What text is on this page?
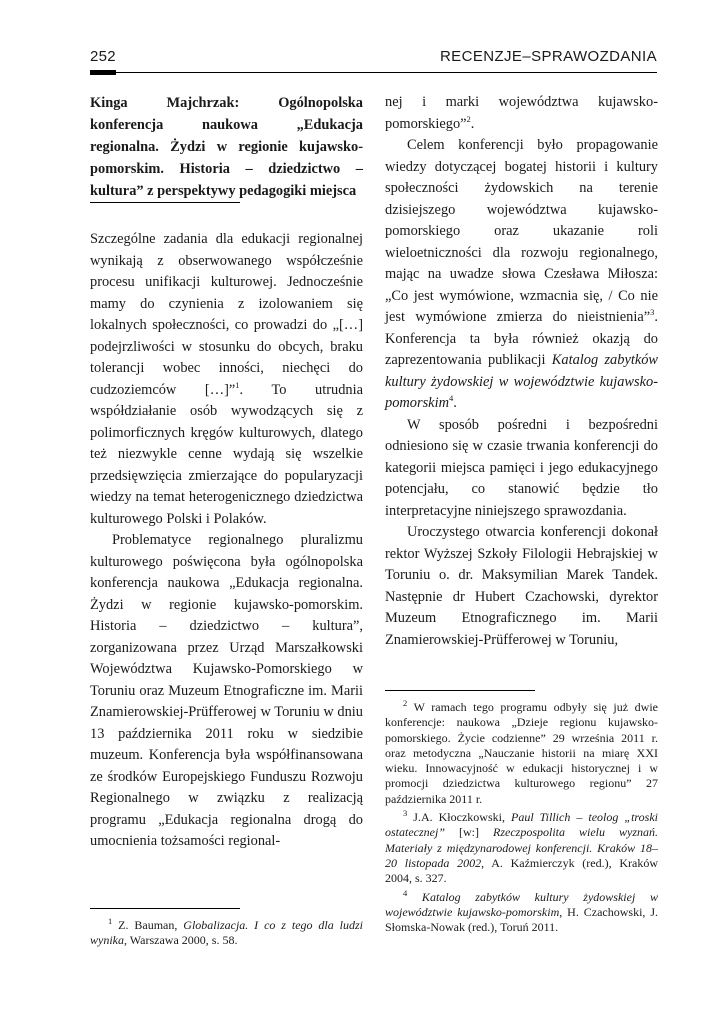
252	RECENZJE–SPRAWOZDANIA

Kinga Majchrzak: Ogólnopolska konferencja naukowa „Edukacja regionalna. Żydzi w regionie kujawsko-pomorskim. Historia – dziedzictwo – kultura” z perspektywy pedagogiki miejsca

Szczególne zadania dla edukacji regionalnej wynikają z obserwowanego współcześnie procesu unifikacji kulturowej. Jednocześnie mamy do czynienia z izolowaniem się lokalnych społeczności, co prowadzi do „[…] podejrzliwości w stosunku do obcych, braku tolerancji wobec inności, niechęci do cudzoziemców […]”$^1$. To utrudnia współdziałanie osób wywodzących się z polimorficznych kręgów kulturowych, dlatego też niezwykle cenne wydają się wszelkie przedsięwzięcia zmierzające do popularyzacji wiedzy na temat heterogenicznego dziedzictwa kulturowego Polski i Polaków.

Problematyce regionalnego pluralizmu kulturowego poświęcona była ogólnopolska konferencja naukowa „Edukacja regionalna. Żydzi w regionie kujawsko-pomorskim. Historia – dziedzictwo – kultura”, zorganizowana przez Urząd Marszałkowski Województwa Kujawsko-Pomorskiego w Toruniu oraz Muzeum Etnograficzne im. Marii Znamierowskiej-Prüfferowej w Toruniu w dniu 13 października 2011 roku w siedzibie muzeum. Konferencja była współfinansowana ze środków Europejskiego Funduszu Rozwoju Regionalnego w związku z realizacją programu „Edukacja regionalna drogą do umocnienia tożsamości regional-

nej i marki województwa kujawsko-pomorskiego”$^2$.

Celem konferencji było propagowanie wiedzy dotyczącej bogatej historii i kultury społeczności żydowskich na terenie dzisiejszego województwa kujawsko-pomorskiego oraz ukazanie roli wieloetniczności dla rozwoju regionalnego, mając na uwadze słowa Czesława Miłosza: „Co jest wymówione, wzmacnia się, / Co nie jest wymówione zmierza do nieistnienia”$^3$. Konferencja ta była również okazją do zaprezentowania publikacji Katalog zabytków kultury żydowskiej w województwie kujawsko-pomorskim$^4$.

W sposób pośredni i bezpośredni odniesiono się w czasie trwania konferencji do kategorii miejsca pamięci i jego edukacyjnego potencjału, co stanowić będzie tło interpretacyjne niniejszego sprawozdania.

Uroczystego otwarcia konferencji dokonał rektor Wyższej Szkoły Filologii Hebrajskiej w Toruniu o. dr. Maksymilian Marek Tandek. Następnie dr Hubert Czachowski, dyrektor Muzeum Etnograficznego im. Marii Znamierowskiej-Prüfferowej w Toruniu,

$^2$ W ramach tego programu odbyły się już dwie konferencje: naukowa „Dzieje regionu kujawsko-pomorskiego. Życie codzienne” 29 września 2011 r. oraz metodyczna „Nauczanie historii na miarę XXI wieku. Innowacyjność w edukacji historycznej i w promocji dziedzictwa kulturowego regionu” 27 października 2011 r.

$^3$ J.A. Kłoczkowski, Paul Tillich – teolog „troski ostatecznej” [w:] Rzeczpospolita wielu wyznań. Materiały z międzynarodowej konferencji. Kraków 18–20 listopada 2002, A. Kaźmierczyk (red.), Kraków 2004, s. 327.

$^4$ Katalog zabytków kultury żydowskiej w województwie kujawsko-pomorskim, H. Czachowski, J. Słomska-Nowak (red.), Toruń 2011.

$^1$ Z. Bauman, Globalizacja. I co z tego dla ludzi wynika, Warszawa 2000, s. 58.
